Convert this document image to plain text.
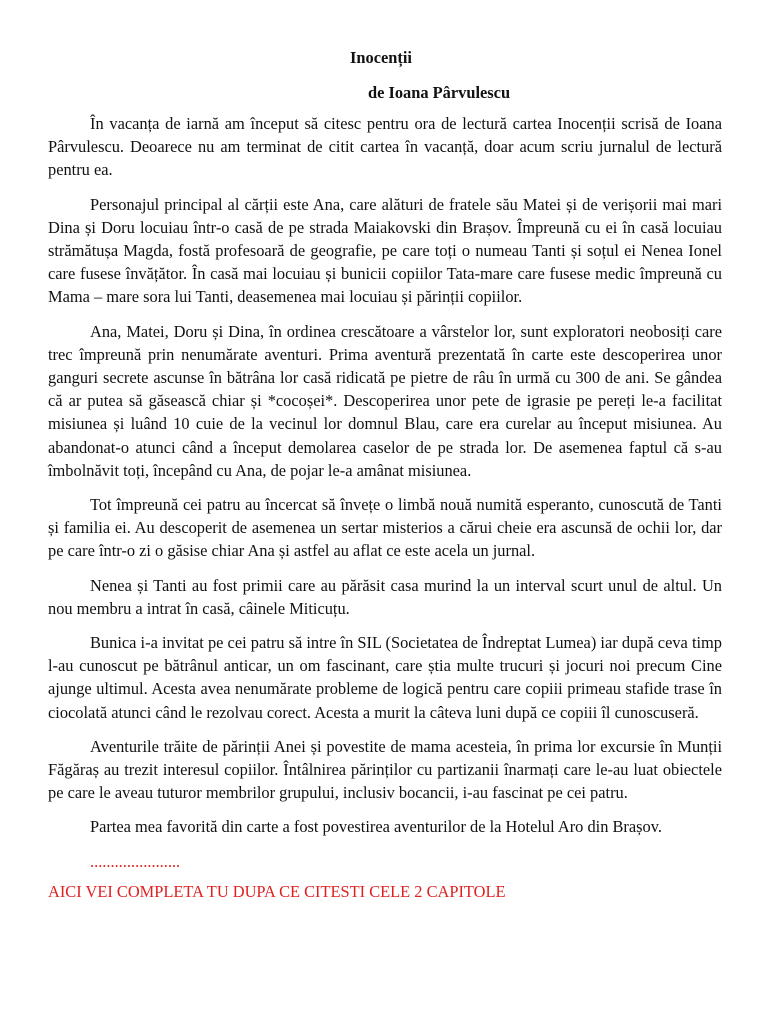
Inocenții
de Ioana Pârvulescu

În vacanța de iarnă am început să citesc pentru ora de lectură cartea Inocenții scrisă de Ioana Pârvulescu. Deoarece nu am terminat de citit cartea în vacanță, doar acum scriu jurnalul de lectură pentru ea.

Personajul principal al cărții este Ana, care alături de fratele său Matei și de verișorii mai mari Dina și Doru locuiau într-o casă de pe strada Maiakovski din Brașov. Împreună cu ei în casă locuiau strămătușa Magda, fostă profesoară de geografie, pe care toți o numeau Tanti și soțul ei Nenea Ionel care fusese învățător. În casă mai locuiau și bunicii copiilor Tata-mare care fusese medic împreună cu Mama – mare sora lui Tanti, deasemenea mai locuiau și părinții copiilor.

Ana, Matei, Doru și Dina, în ordinea crescătoare a vârstelor lor, sunt exploratori neobosiți care trec împreună prin nenumărate aventuri. Prima aventură prezentată în carte este descoperirea unor ganguri secrete ascunse în bătrâna lor casă ridicată pe pietre de râu în urmă cu 300 de ani. Se gândea că ar putea să găsească chiar și *cocoșei*. Descoperirea unor pete de igrasie pe pereți le-a facilitat misiunea și luând 10 cuie de la vecinul lor domnul Blau, care era curelar au început misiunea. Au abandonat-o atunci când a început demolarea caselor de pe strada lor. De asemenea faptul că s-au îmbolnăvit toți, începând cu Ana, de pojar le-a amânat misiunea.

Tot împreună cei patru au încercat să învețe o limbă nouă numită esperanto, cunoscută de Tanti și familia ei. Au descoperit de asemenea un sertar misterios a cărui cheie era ascunsă de ochii lor, dar pe care într-o zi o găsise chiar Ana și astfel au aflat ce este acela un jurnal.

Nenea și Tanti au fost primii care au părăsit casa murind la un interval scurt unul de altul. Un nou membru a intrat în casă, câinele Miticuțu.

Bunica i-a invitat pe cei patru să intre în SIL (Societatea de Îndreptat Lumea) iar după ceva timp l-au cunoscut pe bătrânul anticar, un om fascinant, care știa multe trucuri și jocuri noi precum Cine ajunge ultimul. Acesta avea nenumărate probleme de logică pentru care copiii primeau stafide trase în ciocolată atunci când le rezolvau corect. Acesta a murit la câteva luni după ce copiii îl cunoscuseră.

Aventurile trăite de părinții Anei și povestite de mama acesteia, în prima lor excursie în Munții Făgăraș au trezit interesul copiilor. Întâlnirea părinților cu partizanii înarmați care le-au luat obiectele pe care le aveau tuturor membrilor grupului, inclusiv bocancii, i-au fascinat pe cei patru.

Partea mea favorită din carte a fost povestirea aventurilor de la Hotelul Aro din Brașov.

......................
AICI VEI COMPLETA TU DUPA CE CITESTI CELE 2 CAPITOLE
